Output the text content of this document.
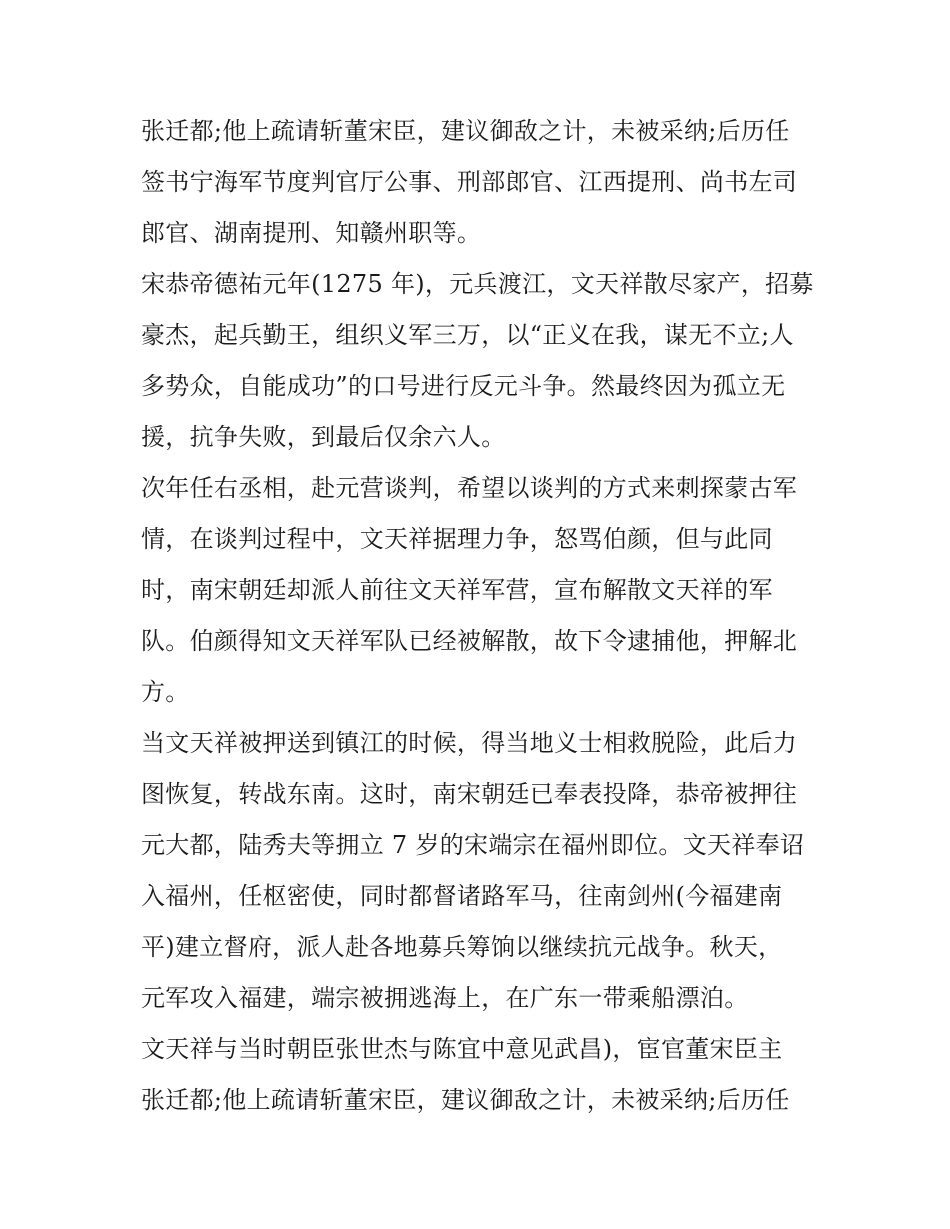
张迁都;他上疏请斩董宋臣，建议御敌之计，未被采纳;后历任
签书宁海军节度判官厅公事、刑部郎官、江西提刑、尚书左司
郎官、湖南提刑、知赣州职等。
宋恭帝德祐元年(1275 年)，元兵渡江，文天祥散尽家产，招募
豪杰，起兵勤王，组织义军三万，以“正义在我，谋无不立;人
多势众，自能成功”的口号进行反元斗争。然最终因为孤立无
援，抗争失败，到最后仅余六人。
次年任右丞相，赴元营谈判，希望以谈判的方式来刺探蒙古军
情，在谈判过程中，文天祥据理力争，怒骂伯颜，但与此同
时，南宋朝廷却派人前往文天祥军营，宣布解散文天祥的军
队。伯颜得知文天祥军队已经被解散，故下令逮捕他，押解北
方。
当文天祥被押送到镇江的时候，得当地义士相救脱险，此后力
图恢复，转战东南。这时，南宋朝廷已奉表投降，恭帝被押往
元大都，陆秀夫等拥立 7 岁的宋端宗在福州即位。文天祥奉诏
入福州，任枢密使，同时都督诸路军马，往南剑州(今福建南
平)建立督府，派人赴各地募兵筹饷以继续抗元战争。秋天，
元军攻入福建，端宗被拥逃海上，在广东一带乘船漂泊。
文天祥与当时朝臣张世杰与陈宜中意见武昌)，宦官董宋臣主
张迁都;他上疏请斩董宋臣，建议御敌之计，未被采纳;后历任
